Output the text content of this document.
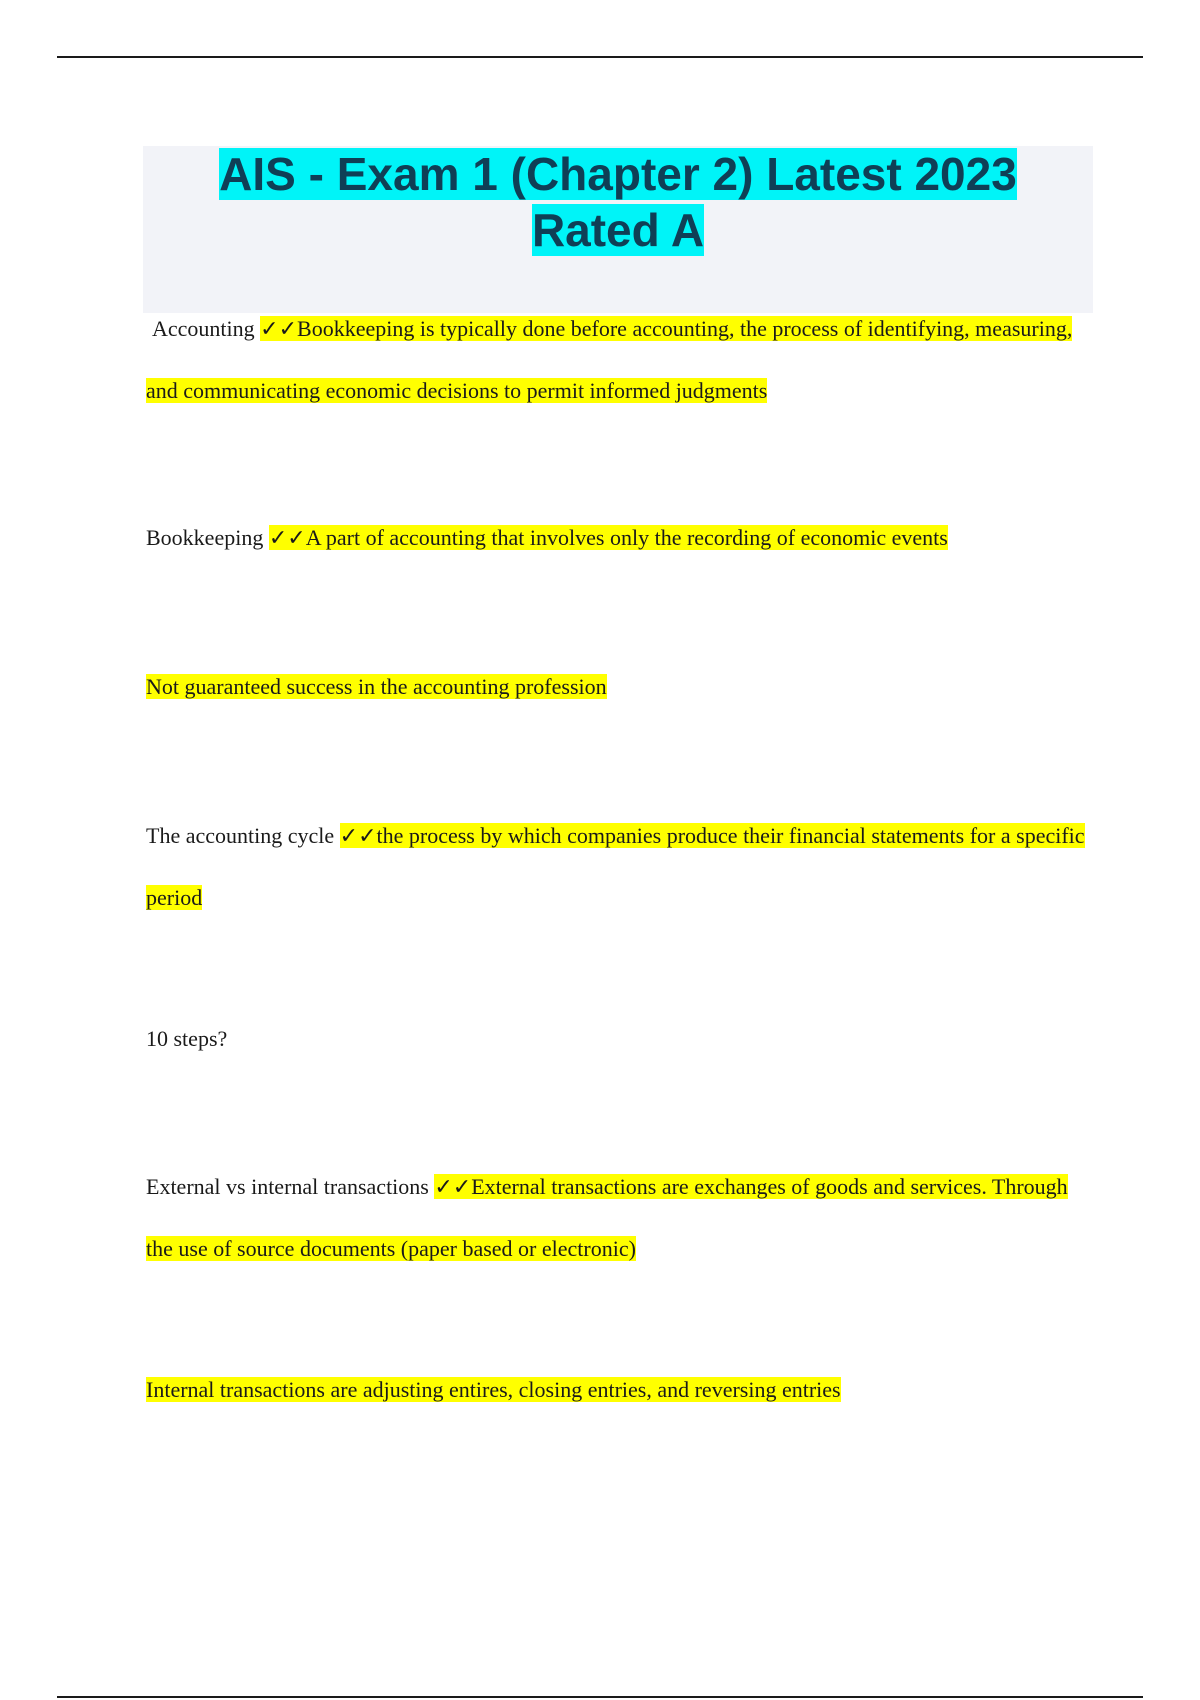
AIS - Exam 1 (Chapter 2) Latest 2023
Rated A

Accounting ✓✓Bookkeeping is typically done before accounting, the process of identifying, measuring, and communicating economic decisions to permit informed judgments

Bookkeeping ✓✓A part of accounting that involves only the recording of economic events

Not guaranteed success in the accounting profession

The accounting cycle ✓✓the process by which companies produce their financial statements for a specific period

10 steps?

External vs internal transactions ✓✓External transactions are exchanges of goods and services. Through the use of source documents (paper based or electronic)

Internal transactions are adjusting entires, closing entries, and reversing entries
